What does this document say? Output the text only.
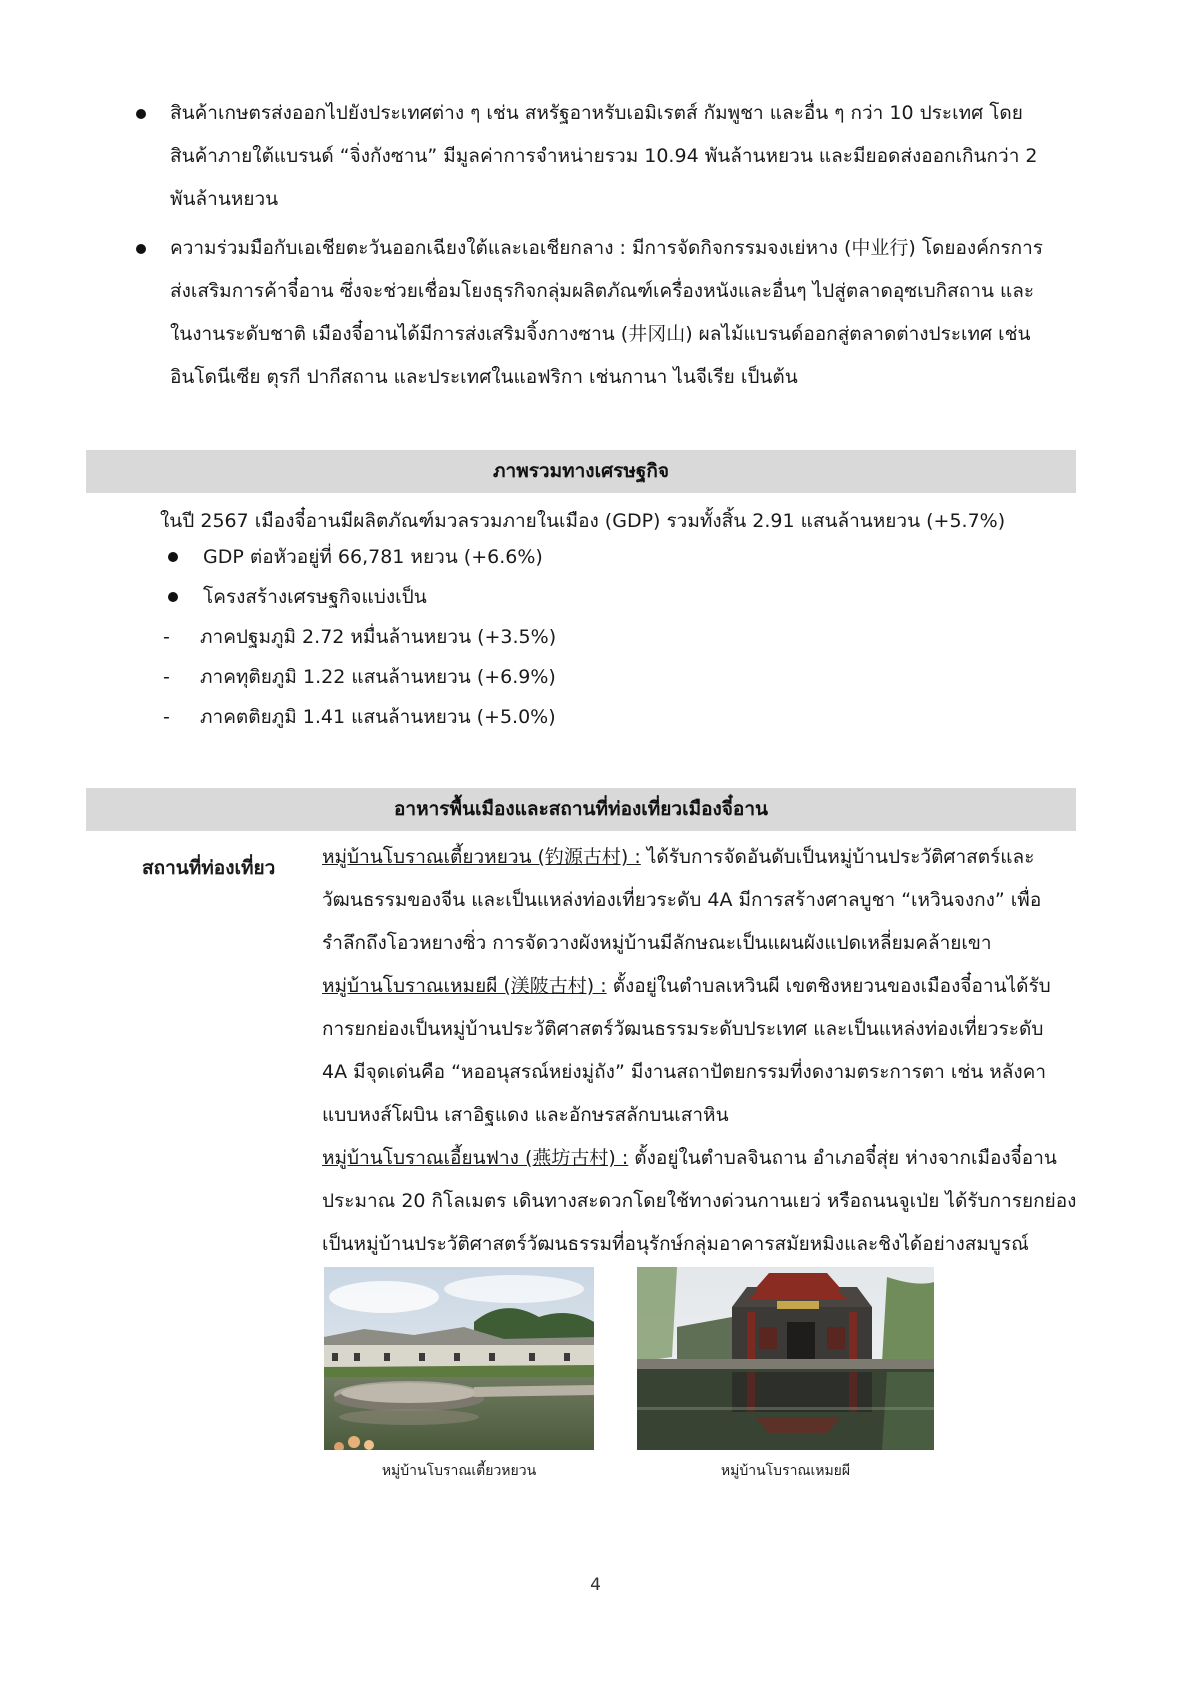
สินค้าเกษตรส่งออกไปยังประเทศต่าง ๆ เช่น สหรัฐอาหรับเอมิเรตส์ กัมพูชา และอื่น ๆ กว่า 10 ประเทศ โดย
สินค้าภายใต้แบรนด์ “จิ่งกังซาน” มีมูลค่าการจำหน่ายรวม 10.94 พันล้านหยวน และมียอดส่งออกเกินกว่า 2
พันล้านหยวน
ความร่วมมือกับเอเชียตะวันออกเฉียงใต้และเอเชียกลาง : มีการจัดกิจกรรมจงเย่หาง (中业行) โดยองค์กรการ
ส่งเสริมการค้าจี๋อาน ซึ่งจะช่วยเชื่อมโยงธุรกิจกลุ่มผลิตภัณฑ์เครื่องหนังและอื่นๆ ไปสู่ตลาดอุซเบกิสถาน และ
ในงานระดับชาติ เมืองจี๋อานได้มีการส่งเสริมจิ้งกางซาน (井冈山) ผลไม้แบรนด์ออกสู่ตลาดต่างประเทศ เช่น
อินโดนีเซีย ตุรกี ปากีสถาน และประเทศในแอฟริกา เช่นกานา ไนจีเรีย เป็นต้น
ภาพรวมทางเศรษฐกิจ
ในปี 2567 เมืองจี๋อานมีผลิตภัณฑ์มวลรวมภายในเมือง (GDP) รวมทั้งสิ้น 2.91 แสนล้านหยวน (+5.7%)
GDP ต่อหัวอยู่ที่ 66,781 หยวน (+6.6%)
โครงสร้างเศรษฐกิจแบ่งเป็น
- ภาคปฐมภูมิ 2.72 หมื่นล้านหยวน (+3.5%)
- ภาคทุติยภูมิ 1.22 แสนล้านหยวน (+6.9%)
- ภาคตติยภูมิ 1.41 แสนล้านหยวน (+5.0%)
อาหารพื้นเมืองและสถานที่ท่องเที่ยวเมืองจี๋อาน
สถานที่ท่องเที่ยว หมู่บ้านโบราณเตี้ยวหยวน (钓源古村) : ได้รับการจัดอันดับเป็นหมู่บ้านประวัติศาสตร์และ
วัฒนธรรมของจีน และเป็นแหล่งท่องเที่ยวระดับ 4A มีการสร้างศาลบูชา “เหวินจงกง” เพื่อ
รำลึกถึงโอวหยางซิ่ว การจัดวางผังหมู่บ้านมีลักษณะเป็นแผนผังแปดเหลี่ยมคล้ายเขา
หมู่บ้านโบราณเหมยผี (渼陂古村) : ตั้งอยู่ในตำบลเหวินผี เขตชิงหยวนของเมืองจี๋อานได้รับ
การยกย่องเป็นหมู่บ้านประวัติศาสตร์วัฒนธรรมระดับประเทศ และเป็นแหล่งท่องเที่ยวระดับ
4A มีจุดเด่นคือ “หออนุสรณ์หย่งมู่ถัง” มีงานสถาปัตยกรรมที่งดงามตระการตา เช่น หลังคา
แบบหงส์โผบิน เสาอิฐแดง และอักษรสลักบนเสาหิน
หมู่บ้านโบราณเอี้ยนฟาง (燕坊古村) : ตั้งอยู่ในตำบลจินถาน อำเภอจี๋สุ่ย ห่างจากเมืองจี๋อาน
ประมาณ 20 กิโลเมตร เดินทางสะดวกโดยใช้ทางด่วนกานเยว่ หรือถนนจูเป่ย ได้รับการยกย่อง
เป็นหมู่บ้านประวัติศาสตร์วัฒนธรรมที่อนุรักษ์กลุ่มอาคารสมัยหมิงและชิงได้อย่างสมบูรณ์
หมู่บ้านโบราณเตี้ยวหยวน	หมู่บ้านโบราณเหมยผี
4
